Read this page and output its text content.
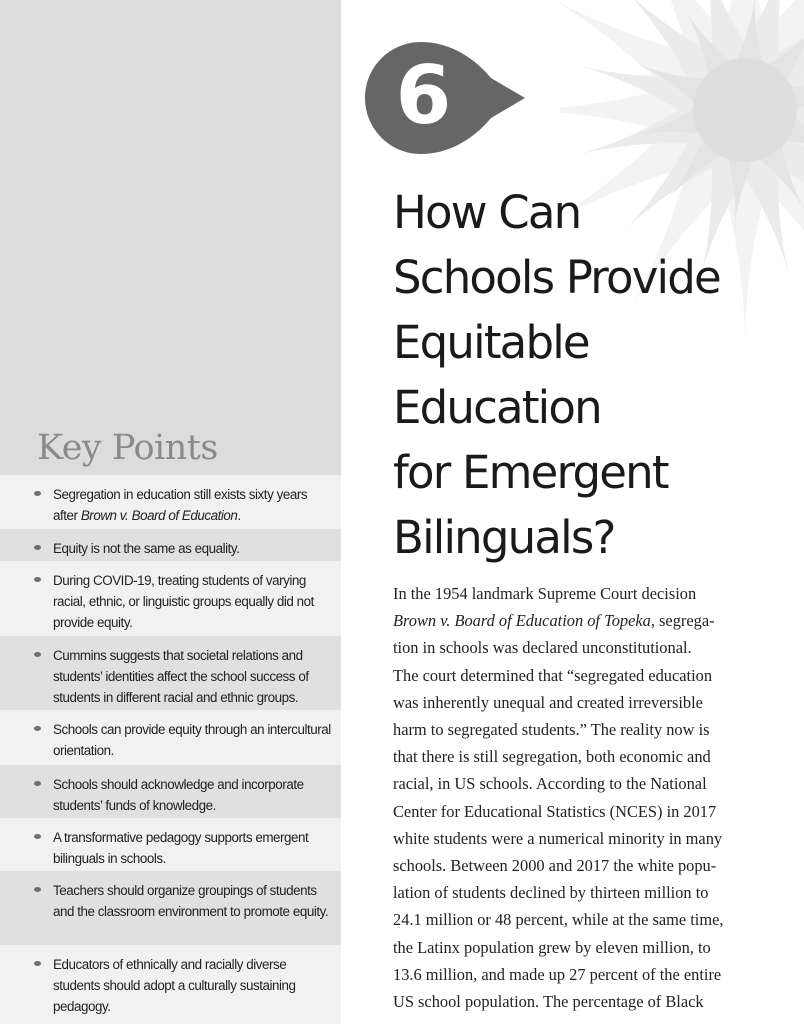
Key Points
Segregation in education still exists sixty years after Brown v. Board of Education.
Equity is not the same as equality.
During COVID-19, treating students of varying racial, ethnic, or linguistic groups equally did not provide equity.
Cummins suggests that societal relations and students’ identities affect the school success of students in different racial and ethnic groups.
Schools can provide equity through an intercultural orientation.
Schools should acknowledge and incorporate students’ funds of knowledge.
A transformative pedagogy supports emergent bilinguals in schools.
Teachers should organize groupings of students and the classroom environment to promote equity.
Educators of ethnically and racially diverse students should adopt a culturally sustaining pedagogy.
6
How Can
Schools Provide
Equitable
Education
for Emergent
Bilinguals?
In the 1954 landmark Supreme Court decision
Brown v. Board of Education of Topeka, segrega-
tion in schools was declared unconstitutional.
The court determined that “segregated education
was inherently unequal and created irreversible
harm to segregated students.” The reality now is
that there is still segregation, both economic and
racial, in US schools. According to the National
Center for Educational Statistics (NCES) in 2017
white students were a numerical minority in many
schools. Between 2000 and 2017 the white popu-
lation of students declined by thirteen million to
24.1 million or 48 percent, while at the same time,
the Latinx population grew by eleven million, to
13.6 million, and made up 27 percent of the entire
US school population. The percentage of Black
